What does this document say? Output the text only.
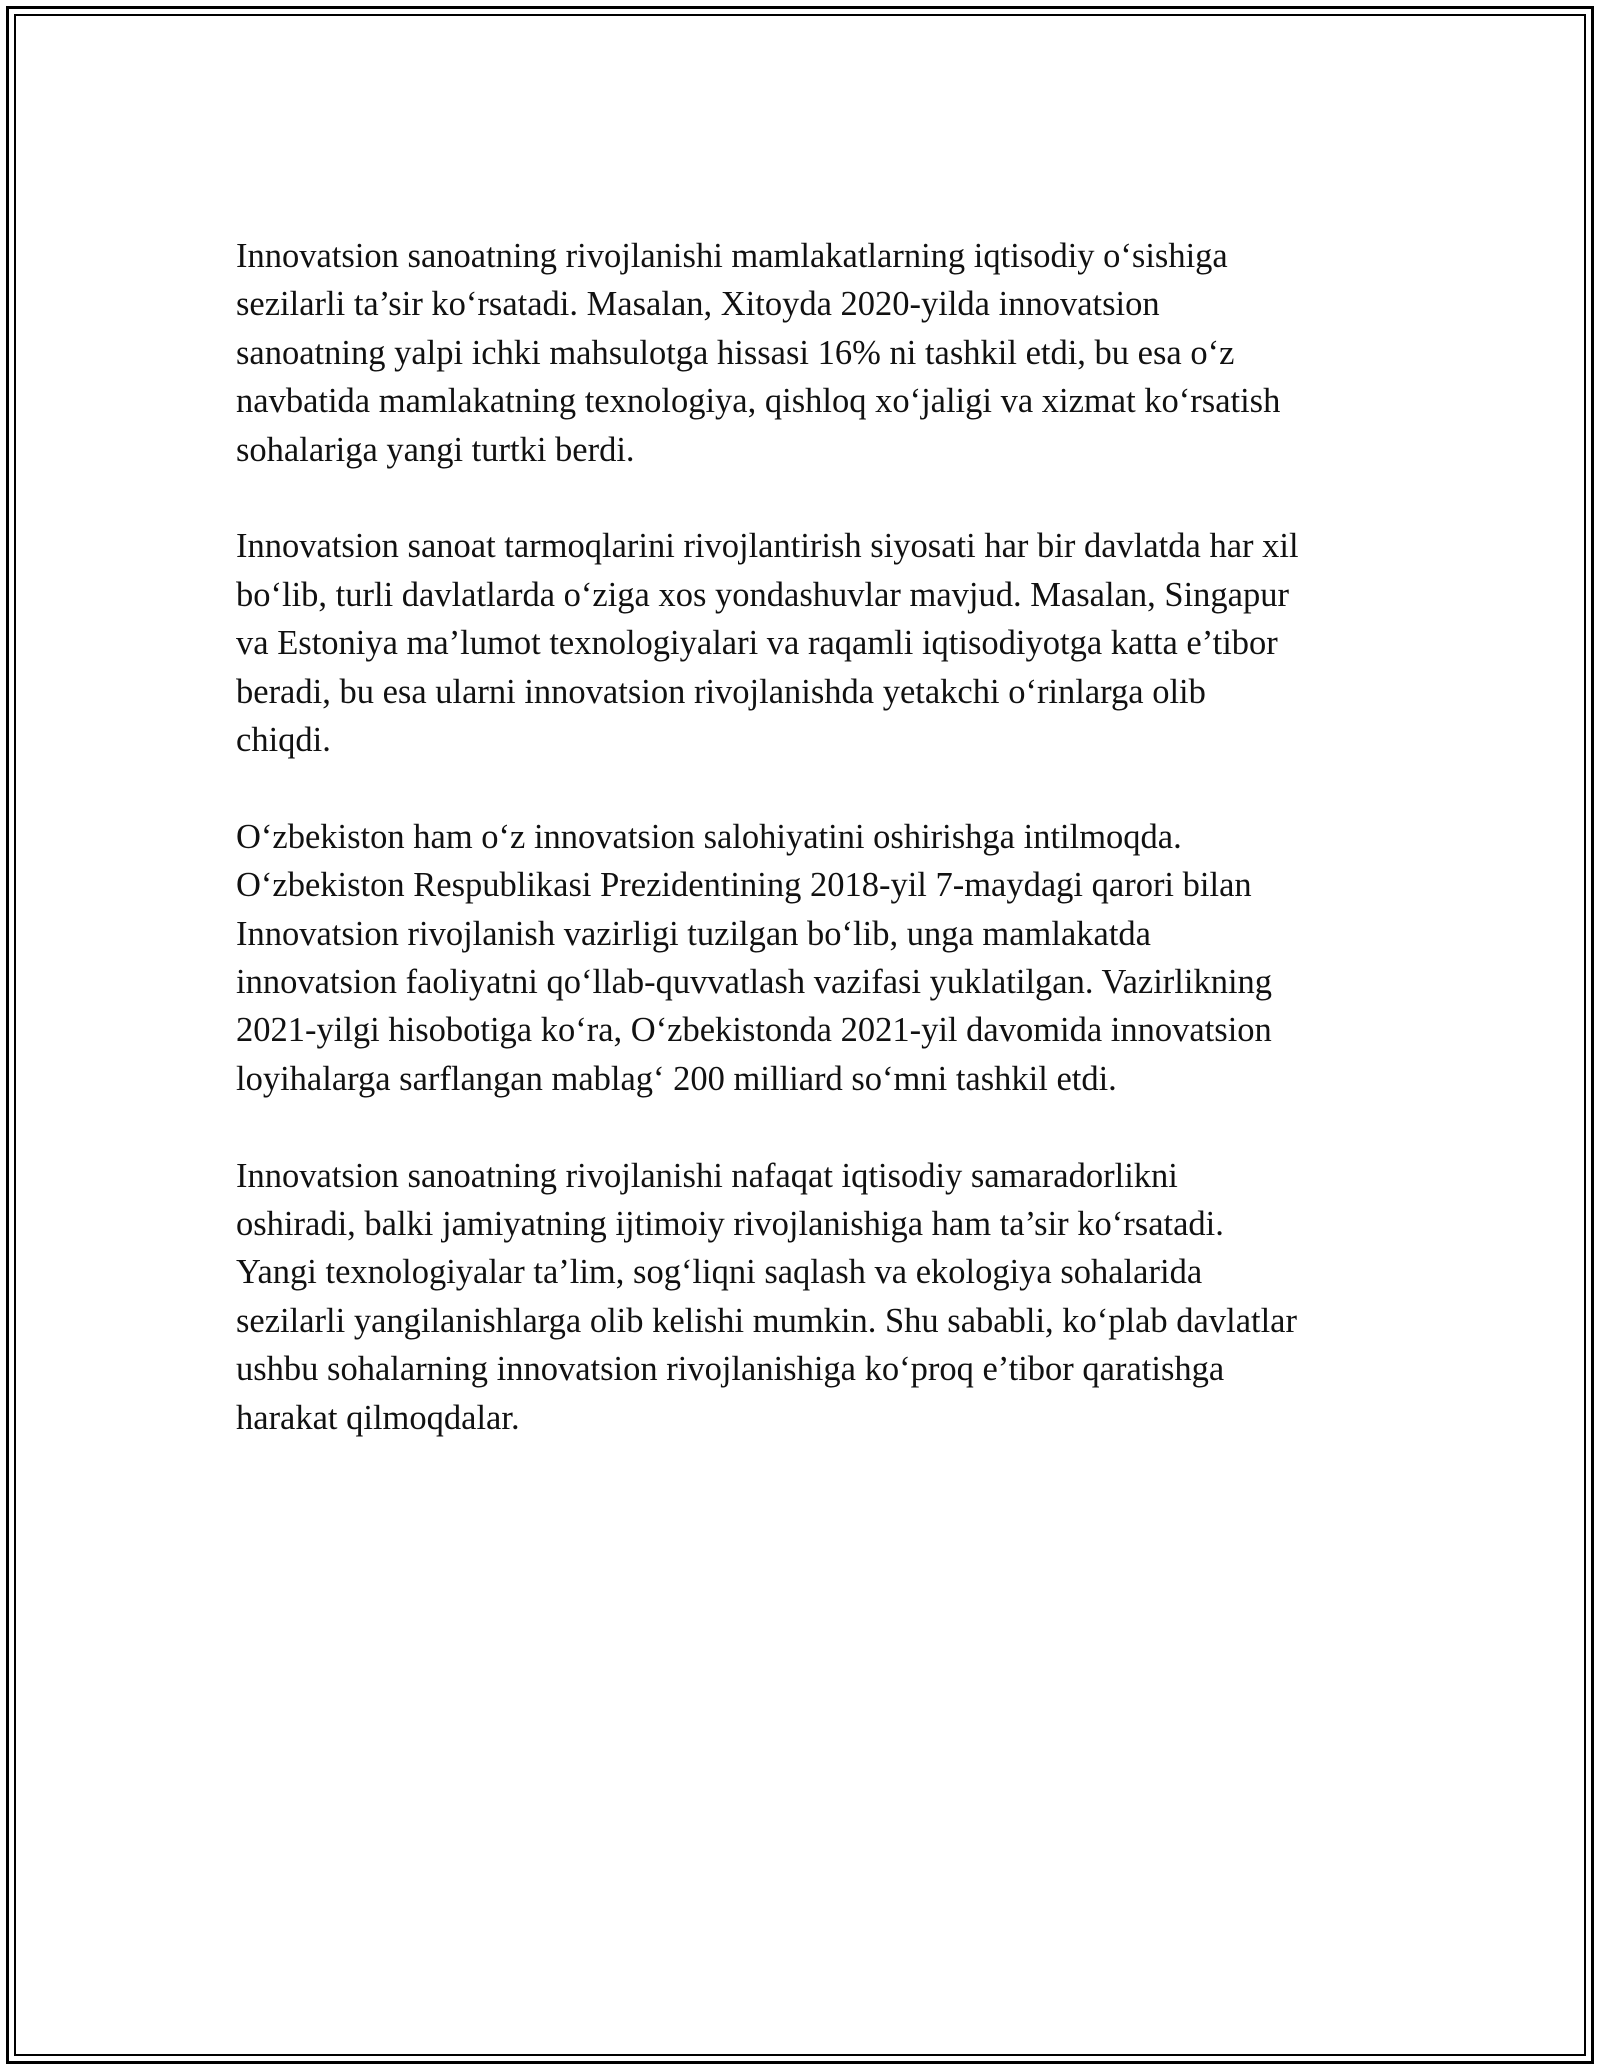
Innovatsion sanoatning rivojlanishi mamlakatlarning iqtisodiy o‘sishiga
sezilarli ta’sir ko‘rsatadi. Masalan, Xitoyda 2020-yilda innovatsion
sanoatning yalpi ichki mahsulotga hissasi 16% ni tashkil etdi, bu esa o‘z
navbatida mamlakatning texnologiya, qishloq xo‘jaligi va xizmat ko‘rsatish
sohalariga yangi turtki berdi.

Innovatsion sanoat tarmoqlarini rivojlantirish siyosati har bir davlatda har xil
bo‘lib, turli davlatlarda o‘ziga xos yondashuvlar mavjud. Masalan, Singapur
va Estoniya ma’lumot texnologiyalari va raqamli iqtisodiyotga katta e’tibor
beradi, bu esa ularni innovatsion rivojlanishda yetakchi o‘rinlarga olib
chiqdi.

O‘zbekiston ham o‘z innovatsion salohiyatini oshirishga intilmoqda.
O‘zbekiston Respublikasi Prezidentining 2018-yil 7-maydagi qarori bilan
Innovatsion rivojlanish vazirligi tuzilgan bo‘lib, unga mamlakatda
innovatsion faoliyatni qo‘llab-quvvatlash vazifasi yuklatilgan. Vazirlikning
2021-yilgi hisobotiga ko‘ra, O‘zbekistonda 2021-yil davomida innovatsion
loyihalarga sarflangan mablag‘ 200 milliard so‘mni tashkil etdi.

Innovatsion sanoatning rivojlanishi nafaqat iqtisodiy samaradorlikni
oshiradi, balki jamiyatning ijtimoiy rivojlanishiga ham ta’sir ko‘rsatadi.
Yangi texnologiyalar ta’lim, sog‘liqni saqlash va ekologiya sohalarida
sezilarli yangilanishlarga olib kelishi mumkin. Shu sababli, ko‘plab davlatlar
ushbu sohalarning innovatsion rivojlanishiga ko‘proq e’tibor qaratishga
harakat qilmoqdalar.
